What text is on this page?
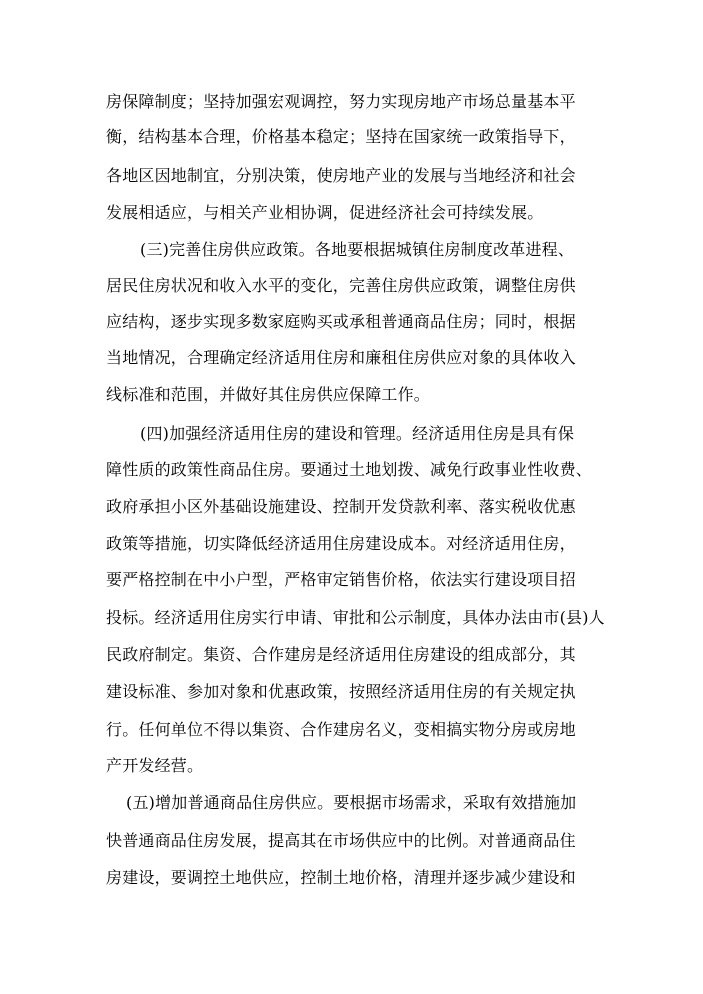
房保障制度；坚持加强宏观调控，努力实现房地产市场总量基本平
衡，结构基本合理，价格基本稳定；坚持在国家统一政策指导下，
各地区因地制宜，分别决策，使房地产业的发展与当地经济和社会
发展相适应，与相关产业相协调，促进经济社会可持续发展。
(三)完善住房供应政策。各地要根据城镇住房制度改革进程、
居民住房状况和收入水平的变化，完善住房供应政策，调整住房供
应结构，逐步实现多数家庭购买或承租普通商品住房；同时，根据
当地情况，合理确定经济适用住房和廉租住房供应对象的具体收入
线标准和范围，并做好其住房供应保障工作。
(四)加强经济适用住房的建设和管理。经济适用住房是具有保
障性质的政策性商品住房。要通过土地划拨、减免行政事业性收费、
政府承担小区外基础设施建设、控制开发贷款利率、落实税收优惠
政策等措施，切实降低经济适用住房建设成本。对经济适用住房，
要严格控制在中小户型，严格审定销售价格，依法实行建设项目招
投标。经济适用住房实行申请、审批和公示制度，具体办法由市(县)人
民政府制定。集资、合作建房是经济适用住房建设的组成部分，其
建设标准、参加对象和优惠政策，按照经济适用住房的有关规定执
行。任何单位不得以集资、合作建房名义，变相搞实物分房或房地
产开发经营。
(五)增加普通商品住房供应。要根据市场需求，采取有效措施加
快普通商品住房发展，提高其在市场供应中的比例。对普通商品住
房建设，要调控土地供应，控制土地价格，清理并逐步减少建设和
